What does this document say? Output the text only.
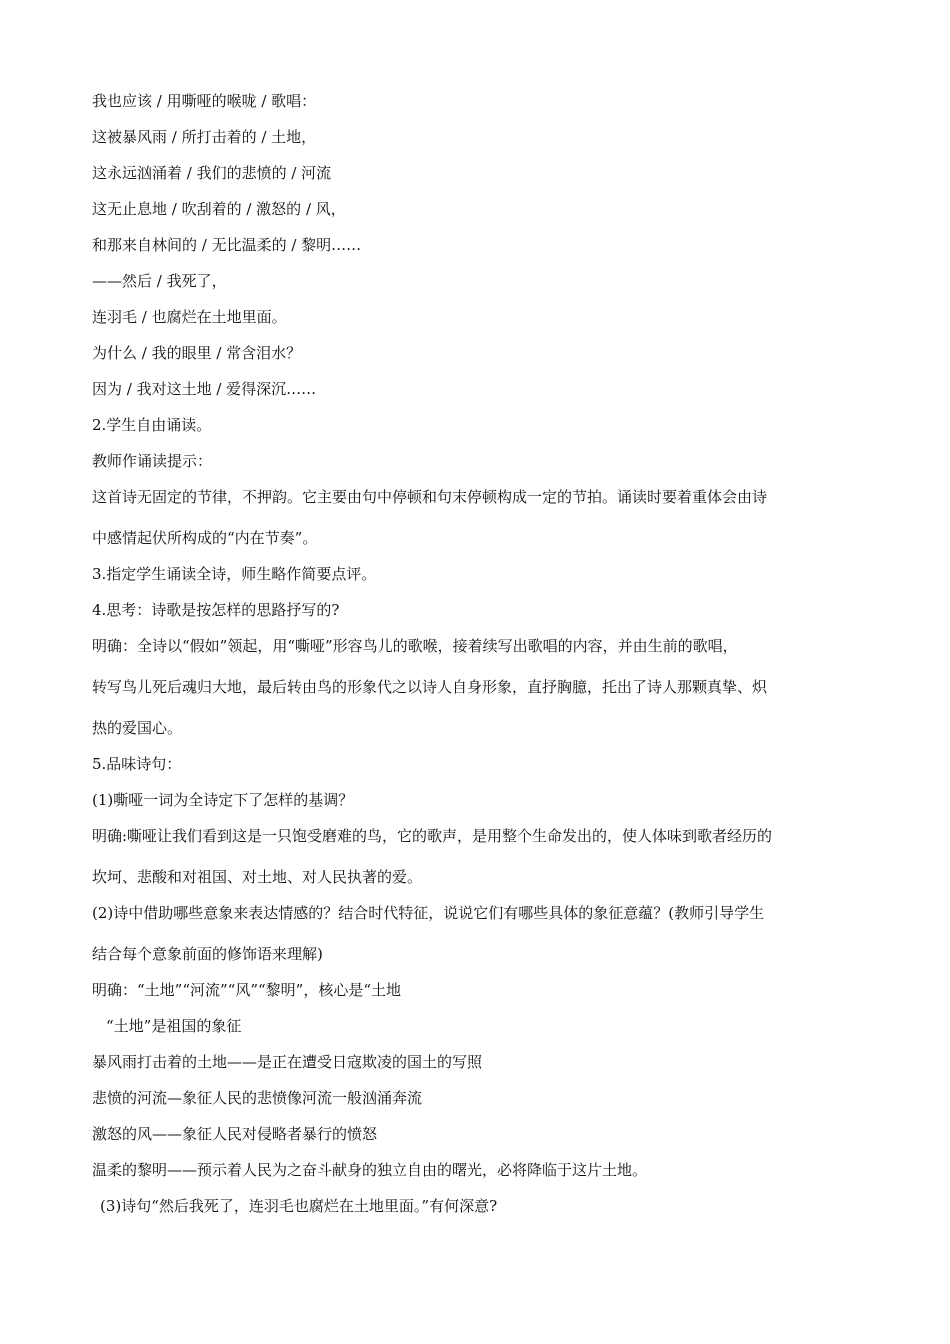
我也应该 / 用嘶哑的喉咙 / 歌唱：

这被暴风雨 / 所打击着的 / 土地，

这永远汹涌着 / 我们的悲愤的 / 河流

这无止息地 / 吹刮着的 / 激怒的 / 风，

和那来自林间的 / 无比温柔的 / 黎明……

——然后 / 我死了，

连羽毛 / 也腐烂在土地里面。

为什么 / 我的眼里 / 常含泪水？

因为 / 我对这土地 / 爱得深沉……

2.学生自由诵读。

教师作诵读提示：

这首诗无固定的节律，不押韵。它主要由句中停顿和句末停顿构成一定的节拍。诵读时要着重体会由诗

中感情起伏所构成的“内在节奏”。

3.指定学生诵读全诗，师生略作简要点评。

4.思考：诗歌是按怎样的思路抒写的?

明确：全诗以“假如”领起，用“嘶哑”形容鸟儿的歌喉，接着续写出歌唱的内容，并由生前的歌唱，

转写鸟儿死后魂归大地，最后转由鸟的形象代之以诗人自身形象，直抒胸臆，托出了诗人那颗真挚、炽

热的爱国心。

5.品味诗句：

(1)嘶哑一词为全诗定下了怎样的基调？

明确:嘶哑让我们看到这是一只饱受磨难的鸟，它的歌声，是用整个生命发出的，使人体味到歌者经历的

坎坷、悲酸和对祖国、对土地、对人民执著的爱。

(2)诗中借助哪些意象来表达情感的？结合时代特征，说说它们有哪些具体的象征意蕴？(教师引导学生

结合每个意象前面的修饰语来理解)

明确：“土地”“河流”“风”“黎明”，核心是“土地

“土地”是祖国的象征

暴风雨打击着的土地——是正在遭受日寇欺凌的国土的写照

悲愤的河流—象征人民的悲愤像河流一般汹涌奔流

激怒的风——象征人民对侵略者暴行的愤怒

温柔的黎明——预示着人民为之奋斗献身的独立自由的曙光，必将降临于这片土地。

(3)诗句“然后我死了，连羽毛也腐烂在土地里面。”有何深意?
